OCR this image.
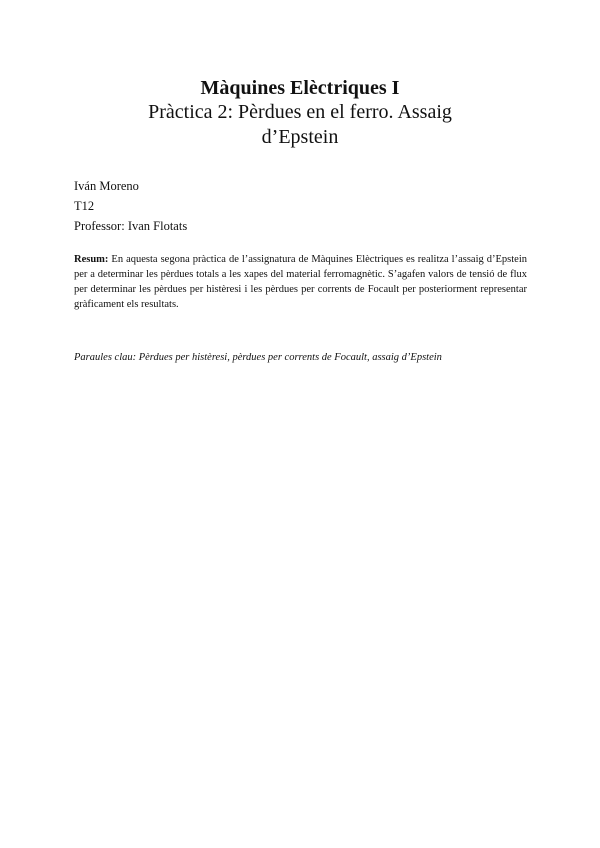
Màquines Elèctriques I
Pràctica 2: Pèrdues en el ferro. Assaig
d’Epstein
Iván Moreno
T12
Professor: Ivan Flotats

Resum: En aquesta segona pràctica de l’assignatura de Màquines Elèctriques es realitza l’assaig d’Epstein per a determinar les pèrdues totals a les xapes del material ferromagnètic. S’agafen valors de tensió de flux per determinar les pèrdues per histèresi i les pèrdues per corrents de Focault per posteriorment representar gràficament els resultats.

Paraules clau: Pèrdues per histèresi, pèrdues per corrents de Focault, assaig d’Epstein
